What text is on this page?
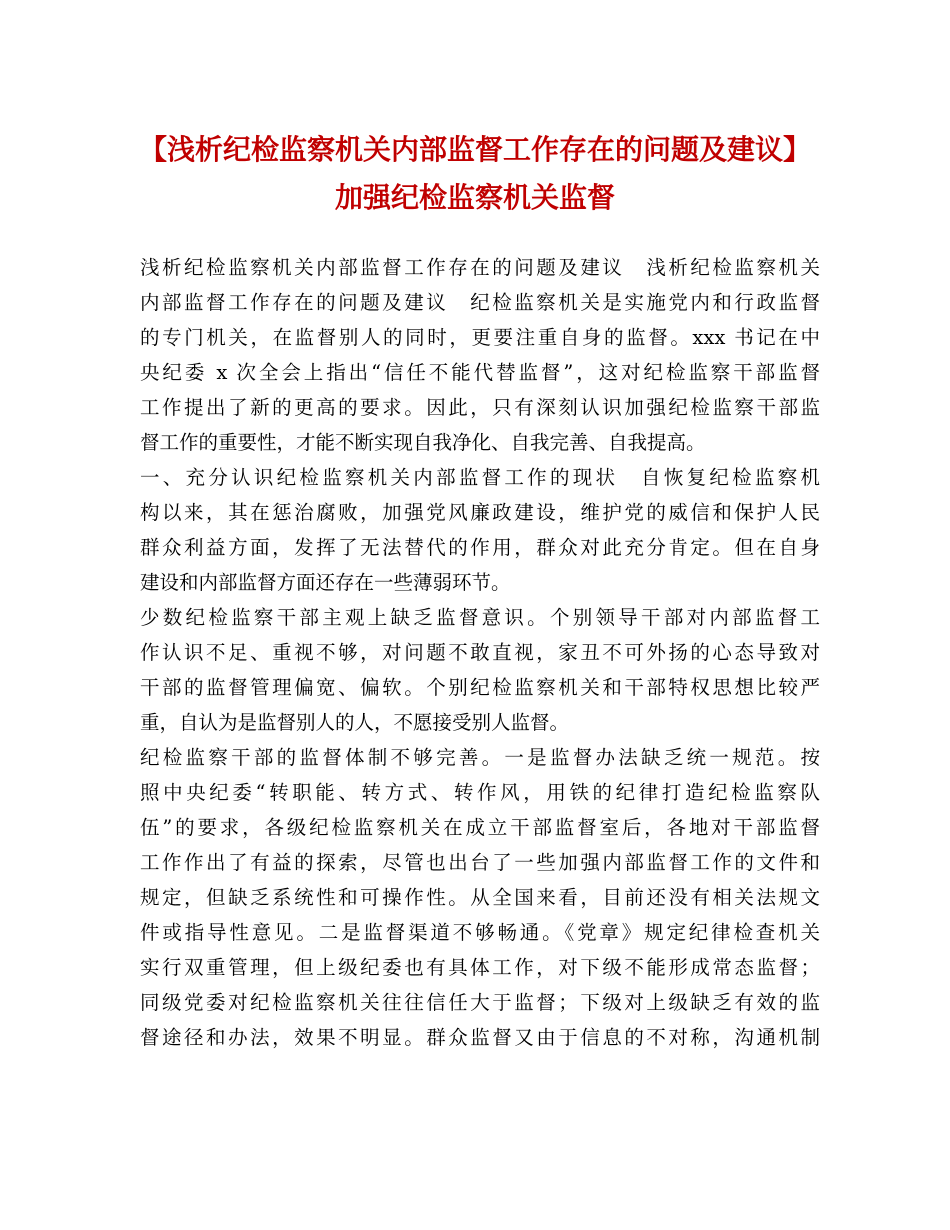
【浅析纪检监察机关内部监督工作存在的问题及建议】
加强纪检监察机关监督
浅析纪检监察机关内部监督工作存在的问题及建议　浅析纪检监察机关
内部监督工作存在的问题及建议　纪检监察机关是实施党内和行政监督
的专门机关，在监督别人的同时，更要注重自身的监督。xxx 书记在中
央纪委 x 次全会上指出“信任不能代替监督”，这对纪检监察干部监督
工作提出了新的更高的要求。因此，只有深刻认识加强纪检监察干部监
督工作的重要性，才能不断实现自我净化、自我完善、自我提高。
一、充分认识纪检监察机关内部监督工作的现状　自恢复纪检监察机
构以来，其在惩治腐败，加强党风廉政建设，维护党的威信和保护人民
群众利益方面，发挥了无法替代的作用，群众对此充分肯定。但在自身
建设和内部监督方面还存在一些薄弱环节。
少数纪检监察干部主观上缺乏监督意识。个别领导干部对内部监督工
作认识不足、重视不够，对问题不敢直视，家丑不可外扬的心态导致对
干部的监督管理偏宽、偏软。个别纪检监察机关和干部特权思想比较严
重，自认为是监督别人的人，不愿接受别人监督。
纪检监察干部的监督体制不够完善。一是监督办法缺乏统一规范。按
照中央纪委“转职能、转方式、转作风，用铁的纪律打造纪检监察队
伍”的要求，各级纪检监察机关在成立干部监督室后，各地对干部监督
工作作出了有益的探索，尽管也出台了一些加强内部监督工作的文件和
规定，但缺乏系统性和可操作性。从全国来看，目前还没有相关法规文
件或指导性意见。二是监督渠道不够畅通。《党章》规定纪律检查机关
实行双重管理，但上级纪委也有具体工作，对下级不能形成常态监督；
同级党委对纪检监察机关往往信任大于监督；下级对上级缺乏有效的监
督途径和办法，效果不明显。群众监督又由于信息的不对称，沟通机制
